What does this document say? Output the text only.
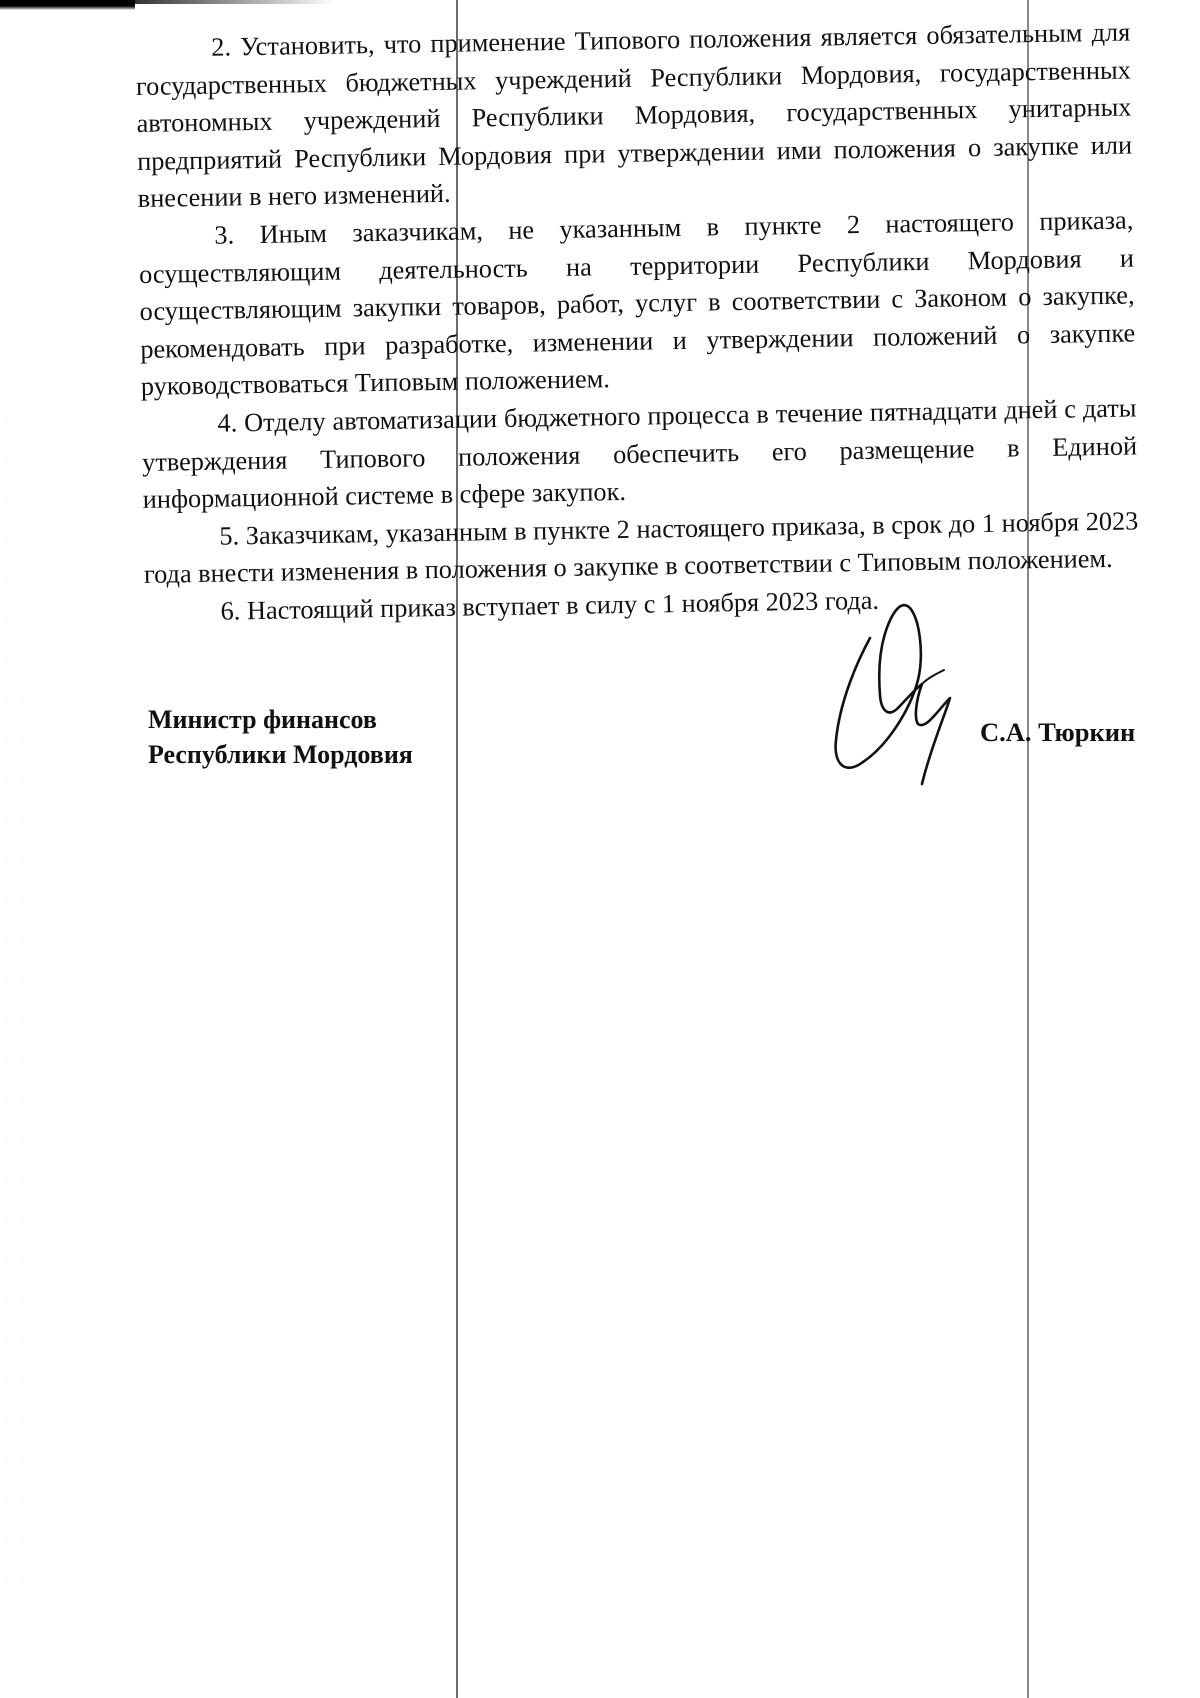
2. Установить, что применение Типового положения является обязательным для государственных бюджетных учреждений Республики Мордовия, государственных автономных учреждений Республики Мордовия, государственных унитарных предприятий Республики Мордовия при утверждении ими положения о закупке или внесении в него изменений.

3. Иным заказчикам, не указанным в пункте 2 настоящего приказа, осуществляющим деятельность на территории Республики Мордовия и осуществляющим закупки товаров, работ, услуг в соответствии с Законом о закупке, рекомендовать при разработке, изменении и утверждении положений о закупке руководствоваться Типовым положением.

4. Отделу автоматизации бюджетного процесса в течение пятнадцати дней с даты утверждения Типового положения обеспечить его размещение в Единой информационной системе в сфере закупок.

5. Заказчикам, указанным в пункте 2 настоящего приказа, в срок до 1 ноября 2023 года внести изменения в положения о закупке в соответствии с Типовым положением.

6. Настоящий приказ вступает в силу с 1 ноября 2023 года.

Министр финансов
Республики Мордовия
С.А. Тюркин
